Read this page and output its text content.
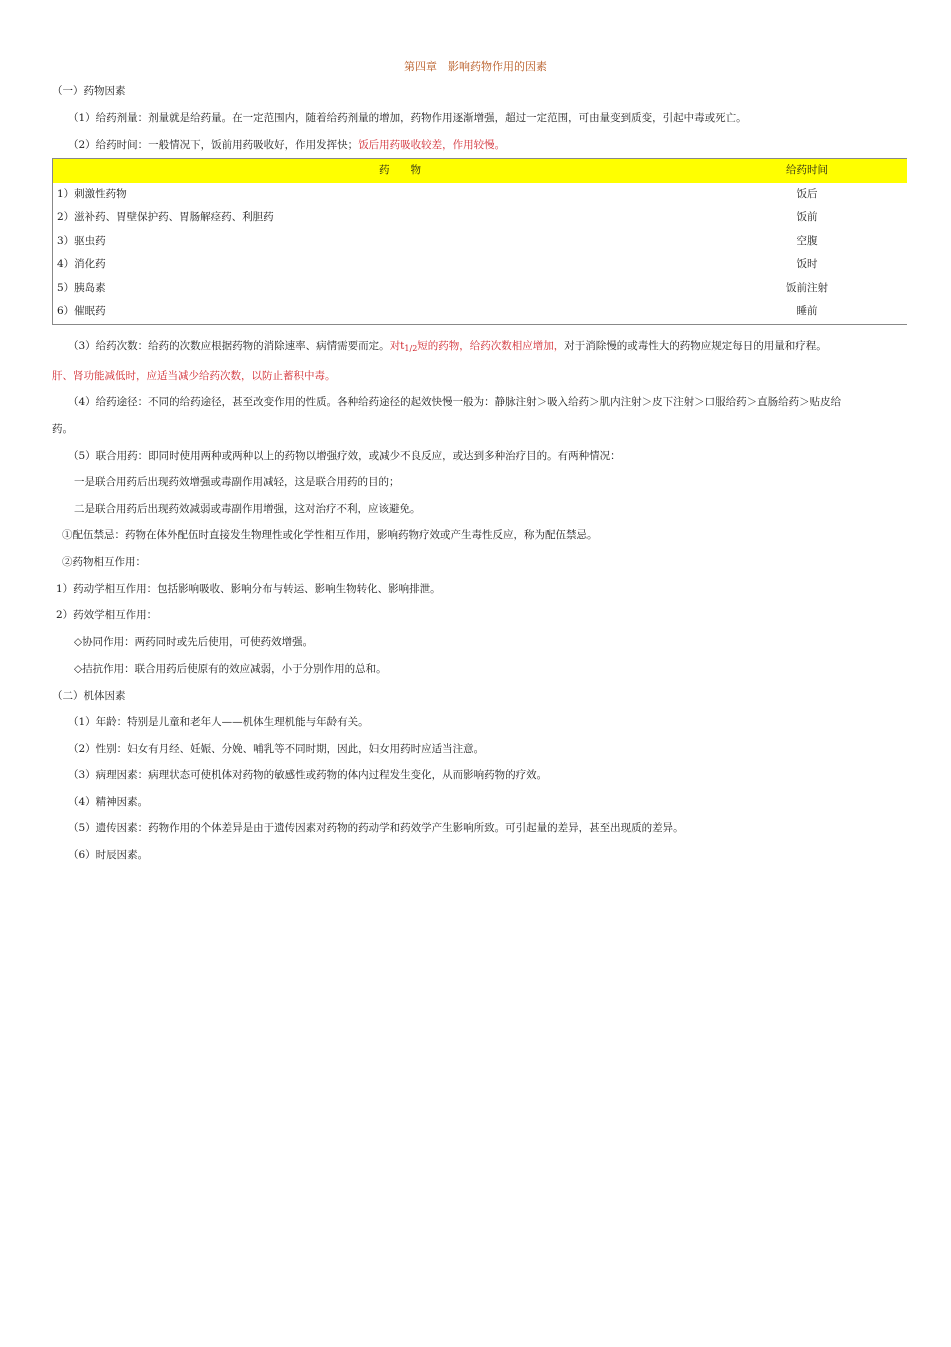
第四章　影响药物作用的因素
（一）药物因素
（1）给药剂量：剂量就是给药量。在一定范围内，随着给药剂量的增加，药物作用逐渐增强，超过一定范围，可由量变到质变，引起中毒或死亡。
（2）给药时间：一般情况下，饭前用药吸收好，作用发挥快；饭后用药吸收较差，作用较慢。
药　　物	给药时间
1）刺激性药物	饭后
2）滋补药、胃壁保护药、胃肠解痉药、利胆药	饭前
3）驱虫药	空腹
4）消化药	饭时
5）胰岛素	饭前注射
6）催眠药	睡前
（3）给药次数：给药的次数应根据药物的消除速率、病情需要而定。对$t_{1/2}$短的药物，给药次数相应增加，对于消除慢的或毒性大的药物应规定每日的用量和疗程。
肝、肾功能减低时，应适当减少给药次数，以防止蓄积中毒。
（4）给药途径：不同的给药途径，甚至改变作用的性质。各种给药途径的起效快慢一般为：静脉注射＞吸入给药＞肌内注射＞皮下注射＞口服给药＞直肠给药＞贴皮给
药。
（5）联合用药：即同时使用两种或两种以上的药物以增强疗效，或减少不良反应，或达到多种治疗目的。有两种情况：
一是联合用药后出现药效增强或毒副作用减轻，这是联合用药的目的；
二是联合用药后出现药效减弱或毒副作用增强，这对治疗不利，应该避免。
①配伍禁忌：药物在体外配伍时直接发生物理性或化学性相互作用，影响药物疗效或产生毒性反应，称为配伍禁忌。
②药物相互作用：
1）药动学相互作用：包括影响吸收、影响分布与转运、影响生物转化、影响排泄。
2）药效学相互作用：
◇协同作用：两药同时或先后使用，可使药效增强。
◇拮抗作用：联合用药后使原有的效应减弱，小于分别作用的总和。
（二）机体因素
（1）年龄：特别是儿童和老年人——机体生理机能与年龄有关。
（2）性别：妇女有月经、妊娠、分娩、哺乳等不同时期，因此，妇女用药时应适当注意。
（3）病理因素：病理状态可使机体对药物的敏感性或药物的体内过程发生变化，从而影响药物的疗效。
（4）精神因素。
（5）遗传因素：药物作用的个体差异是由于遗传因素对药物的药动学和药效学产生影响所致。可引起量的差异，甚至出现质的差异。
（6）时辰因素。
